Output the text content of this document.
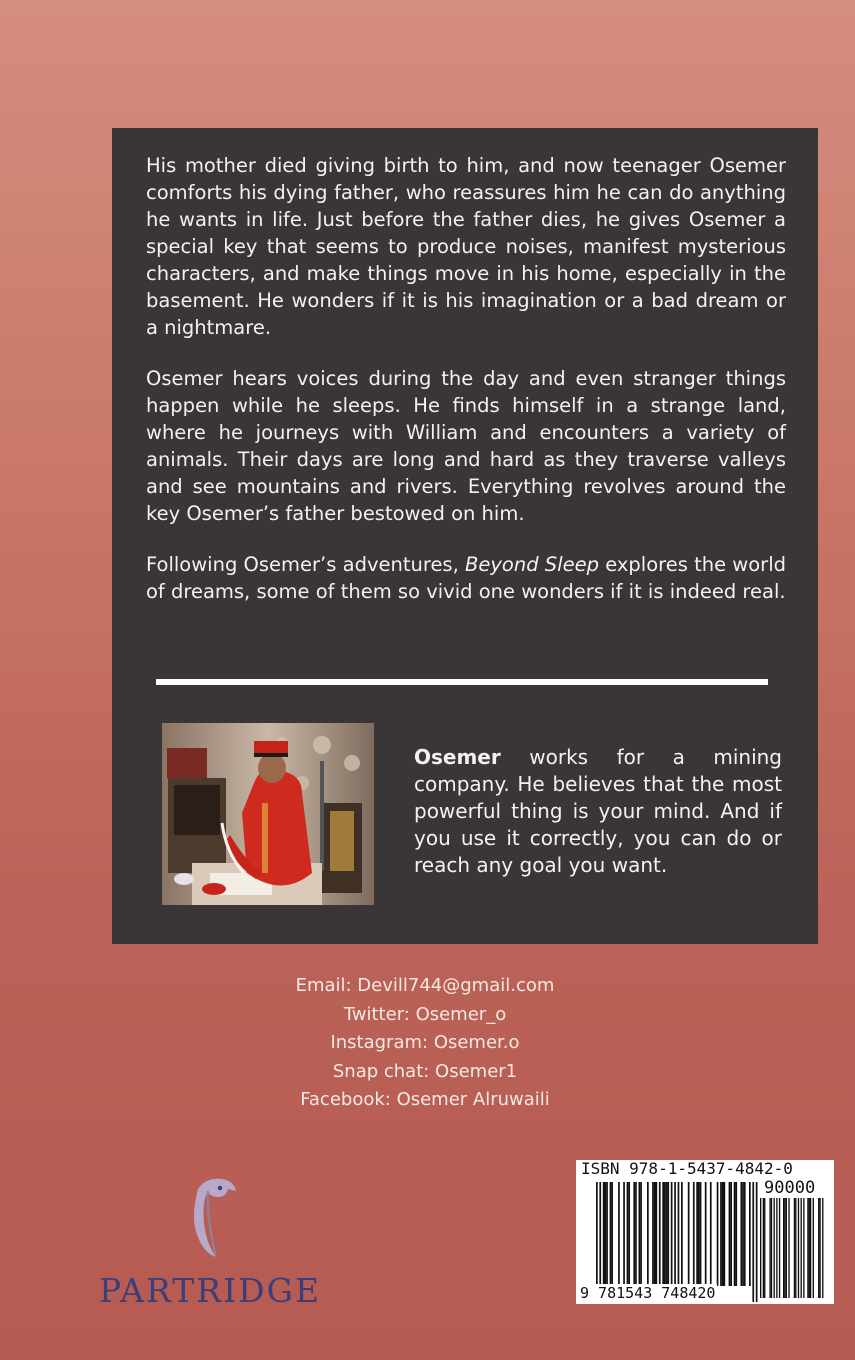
His mother died giving birth to him, and now teenager Osemer comforts his dying father, who reassures him he can do anything he wants in life. Just before the father dies, he gives Osemer a special key that seems to produce noises, manifest mysterious characters, and make things move in his home, especially in the basement. He wonders if it is his imagination or a bad dream or a nightmare.

Osemer hears voices during the day and even stranger things happen while he sleeps. He finds himself in a strange land, where he journeys with William and encounters a variety of animals. Their days are long and hard as they traverse valleys and see mountains and rivers. Everything revolves around the key Osemer’s father bestowed on him.

Following Osemer’s adventures, Beyond Sleep explores the world of dreams, some of them so vivid one wonders if it is indeed real.

Osemer works for a mining company. He believes that the most powerful thing is your mind. And if you use it correctly, you can do or reach any goal you want.

Email: Devill744@gmail.com
Twitter: Osemer_o
Instagram: Osemer.o
Snap chat: Osemer1
Facebook: Osemer Alruwaili
PARTRIDGE
ISBN 978-1-5437-4842-0
90000
9 781543 748420
